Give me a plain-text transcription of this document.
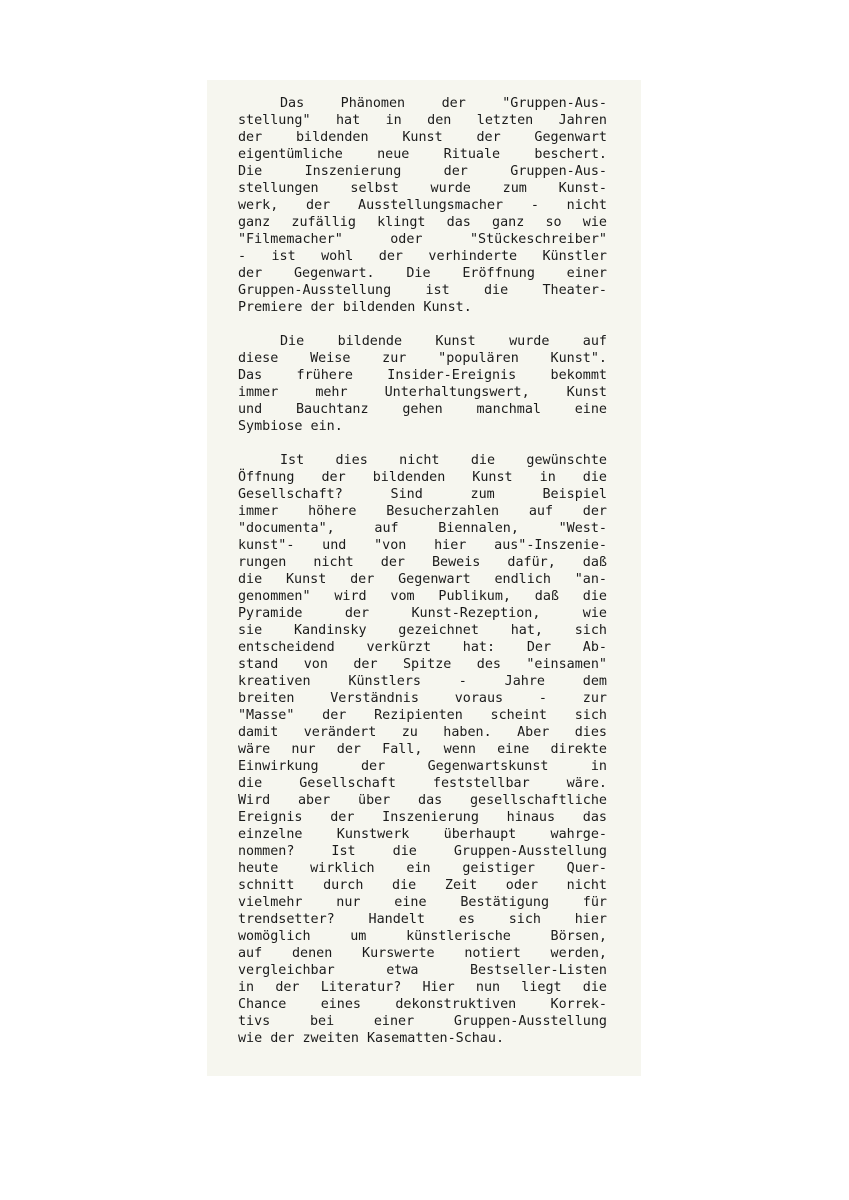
Das Phänomen der "Gruppen-Aus-
stellung" hat in den letzten Jahren
der bildenden Kunst der Gegenwart
eigentümliche neue Rituale beschert.
Die Inszenierung der Gruppen-Aus-
stellungen selbst wurde zum Kunst-
werk, der Ausstellungsmacher - nicht
ganz zufällig klingt das ganz so wie
"Filmemacher" oder "Stückeschreiber"
- ist wohl der verhinderte Künstler
der Gegenwart. Die Eröffnung einer
Gruppen-Ausstellung ist die Theater-
Premiere der bildenden Kunst.
Die bildende Kunst wurde auf
diese Weise zur "populären Kunst".
Das frühere Insider-Ereignis bekommt
immer mehr Unterhaltungswert, Kunst
und Bauchtanz gehen manchmal eine
Symbiose ein.
Ist dies nicht die gewünschte
Öffnung der bildenden Kunst in die
Gesellschaft? Sind zum Beispiel
immer höhere Besucherzahlen auf der
"documenta", auf Biennalen, "West-
kunst"- und "von hier aus"-Inszenie-
rungen nicht der Beweis dafür, daß
die Kunst der Gegenwart endlich "an-
genommen" wird vom Publikum, daß die
Pyramide der Kunst-Rezeption, wie
sie Kandinsky gezeichnet hat, sich
entscheidend verkürzt hat: Der Ab-
stand von der Spitze des "einsamen"
kreativen Künstlers - Jahre dem
breiten Verständnis voraus - zur
"Masse" der Rezipienten scheint sich
damit verändert zu haben. Aber dies
wäre nur der Fall, wenn eine direkte
Einwirkung der Gegenwartskunst in
die Gesellschaft feststellbar wäre.
Wird aber über das gesellschaftliche
Ereignis der Inszenierung hinaus das
einzelne Kunstwerk überhaupt wahrge-
nommen? Ist die Gruppen-Ausstellung
heute wirklich ein geistiger Quer-
schnitt durch die Zeit oder nicht
vielmehr nur eine Bestätigung für
trendsetter? Handelt es sich hier
womöglich um künstlerische Börsen,
auf denen Kurswerte notiert werden,
vergleichbar etwa Bestseller-Listen
in der Literatur? Hier nun liegt die
Chance eines dekonstruktiven Korrek-
tivs bei einer Gruppen-Ausstellung
wie der zweiten Kasematten-Schau.
